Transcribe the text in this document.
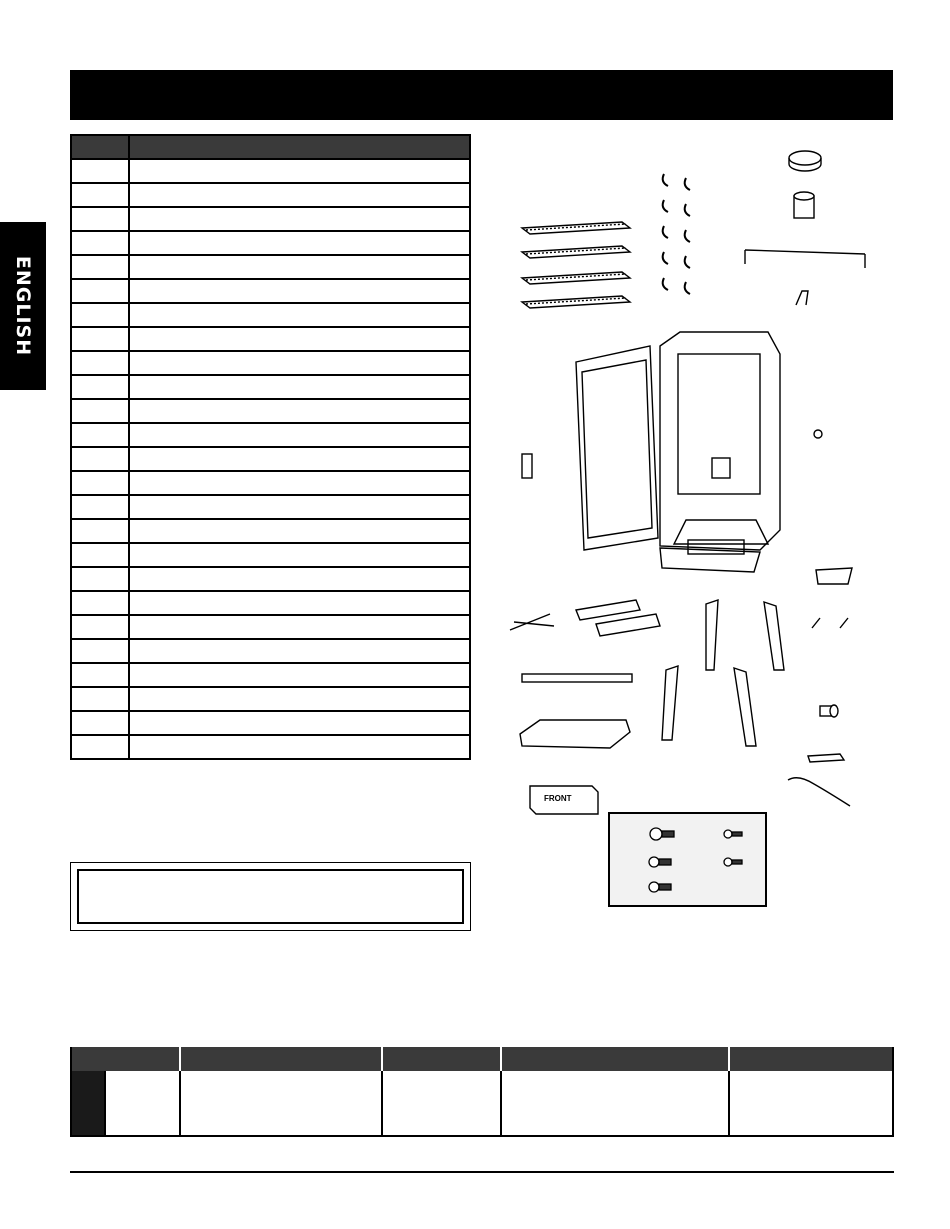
ENGLISH

FRONT
